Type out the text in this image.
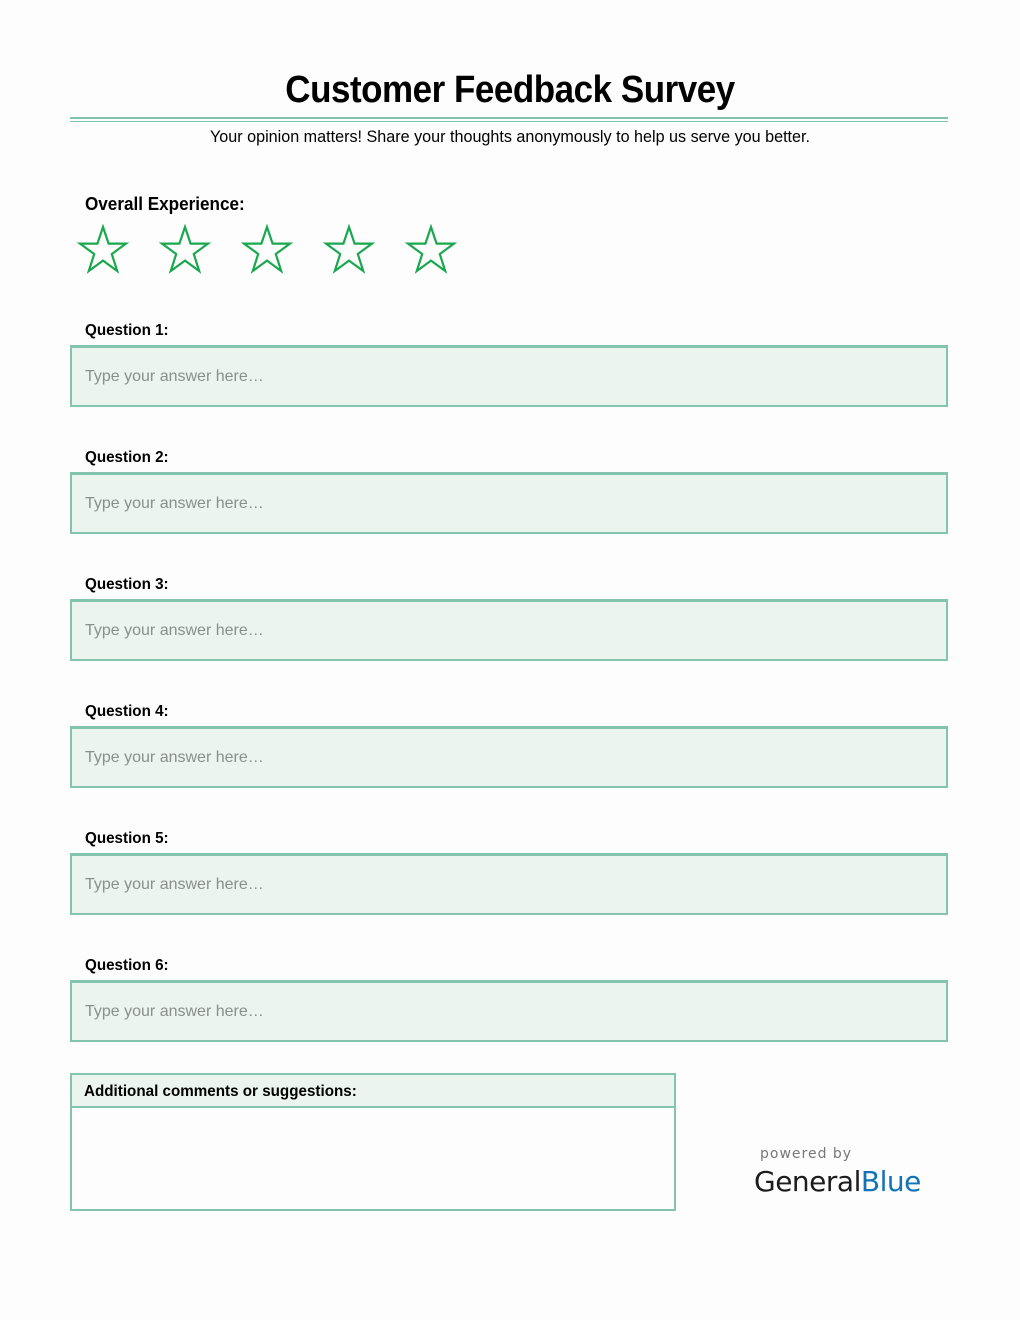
Customer Feedback Survey
Your opinion matters! Share your thoughts anonymously to help us serve you better.
Overall Experience:
Question 1:
Type your answer here…
Question 2:
Type your answer here…
Question 3:
Type your answer here…
Question 4:
Type your answer here…
Question 5:
Type your answer here…
Question 6:
Type your answer here…
Additional comments or suggestions:
powered by
GeneralBlue
